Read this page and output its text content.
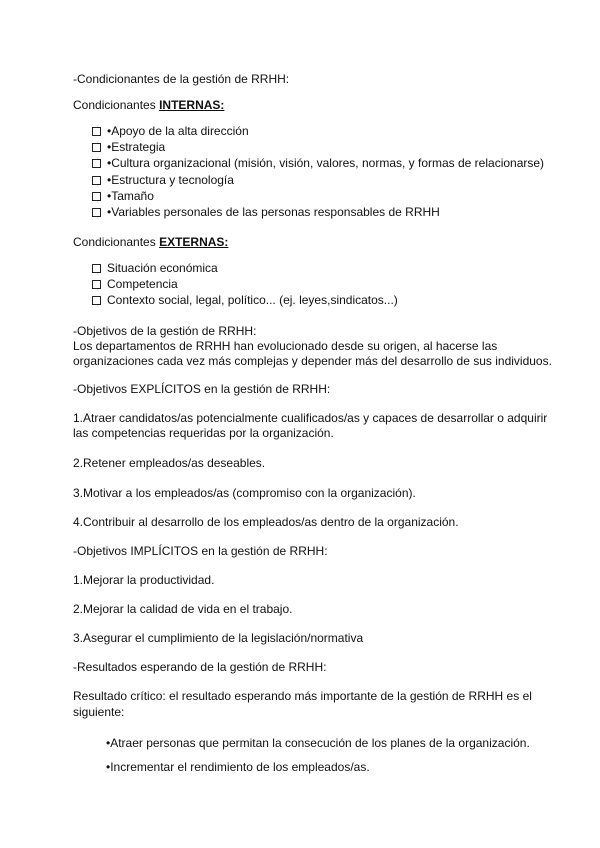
-Condicionantes de la gestión de RRHH:
Condicionantes INTERNAS:
•Apoyo de la alta dirección
•Estrategia
•Cultura organizacional (misión, visión, valores, normas, y formas de relacionarse)
•Estructura y tecnología
•Tamaño
•Variables personales de las personas responsables de RRHH
Condicionantes EXTERNAS:
Situación económica
Competencia
Contexto social, legal, político... (ej. leyes,sindicatos...)
-Objetivos de la gestión de RRHH:
Los departamentos de RRHH han evolucionado desde su origen, al hacerse las
organizaciones cada vez más complejas y depender más del desarrollo de sus individuos.
-Objetivos EXPLÍCITOS en la gestión de RRHH:
1.Atraer candidatos/as potencialmente cualificados/as y capaces de desarrollar o adquirir
las competencias requeridas por la organización.
2.Retener empleados/as deseables.
3.Motivar a los empleados/as (compromiso con la organización).
4.Contribuir al desarrollo de los empleados/as dentro de la organización.
-Objetivos IMPLÍCITOS en la gestión de RRHH:
1.Mejorar la productividad.
2.Mejorar la calidad de vida en el trabajo.
3.Asegurar el cumplimiento de la legislación/normativa
-Resultados esperando de la gestión de RRHH:
Resultado crítico: el resultado esperando más importante de la gestión de RRHH es el
siguiente:
•Atraer personas que permitan la consecución de los planes de la organización.
•Incrementar el rendimiento de los empleados/as.
